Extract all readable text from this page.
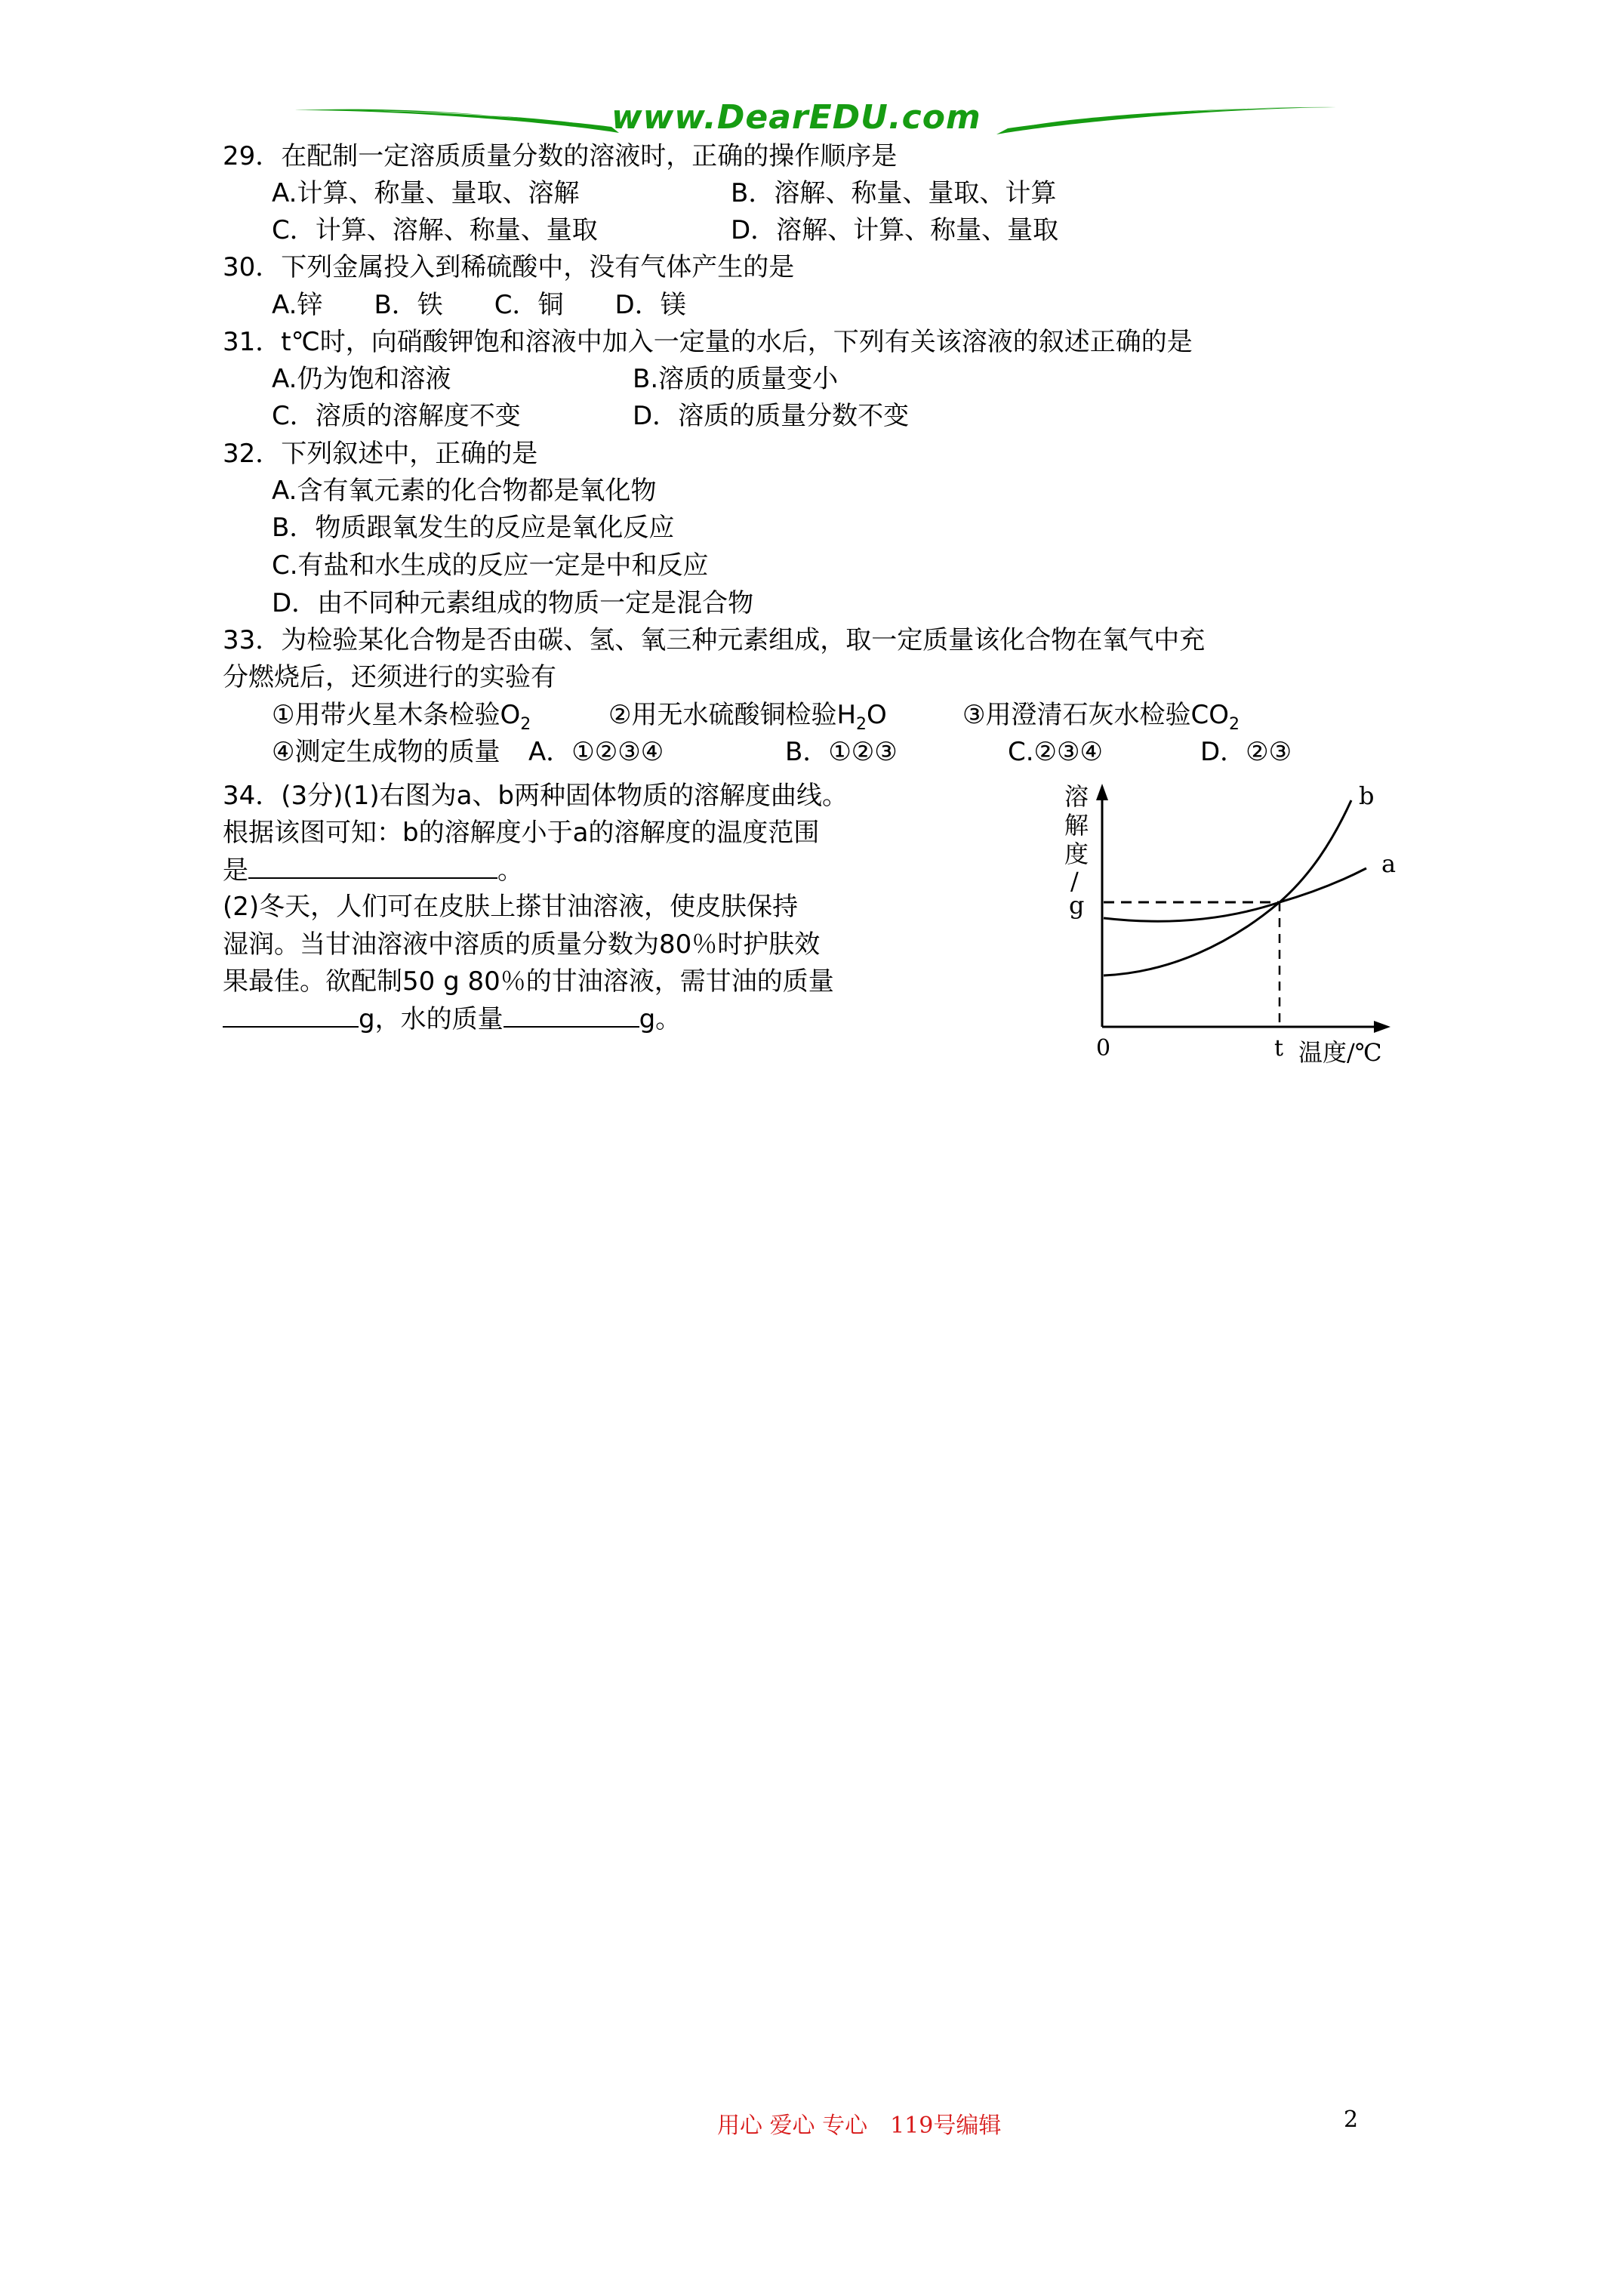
www.DearEDU.com
29．在配制一定溶质质量分数的溶液时，正确的操作顺序是
A.计算、称量、量取、溶解	B．溶解、称量、量取、计算
C．计算、溶解、称量、量取	D．溶解、计算、称量、量取
30．下列金属投入到稀硫酸中，没有气体产生的是
A.锌　　B．铁　　C．铜　　D．镁
31．t℃时，向硝酸钾饱和溶液中加入一定量的水后，下列有关该溶液的叙述正确的是
A.仍为饱和溶液	B.溶质的质量变小
C．溶质的溶解度不变	D．溶质的质量分数不变
32．下列叙述中，正确的是
A.含有氧元素的化合物都是氧化物
B．物质跟氧发生的反应是氧化反应
C.有盐和水生成的反应一定是中和反应
D．由不同种元素组成的物质一定是混合物
33．为检验某化合物是否由碳、氢、氧三种元素组成，取一定质量该化合物在氧气中充
分燃烧后，还须进行的实验有
①用带火星木条检验$O_2$	②用无水硫酸铜检验$H_2O$	③用澄清石灰水检验$CO_2$
④测定生成物的质量 A．①②③④	B．①②③	C.②③④	D．②③
34．(3分)(1)右图为a、b两种固体物质的溶解度曲线。
根据该图可知：b的溶解度小于a的溶解度的温度范围
是	。
(2)冬天，人们可在皮肤上搽甘油溶液，使皮肤保持
湿润。当甘油溶液中溶质的质量分数为80％时护肤效
果最佳。欲配制50 g 80％的甘油溶液，需甘油的质量
g，水的质量	g。
溶
解
度
/
g
b
a
0	t 温度/℃
用心 爱心 专心　119号编辑	2
